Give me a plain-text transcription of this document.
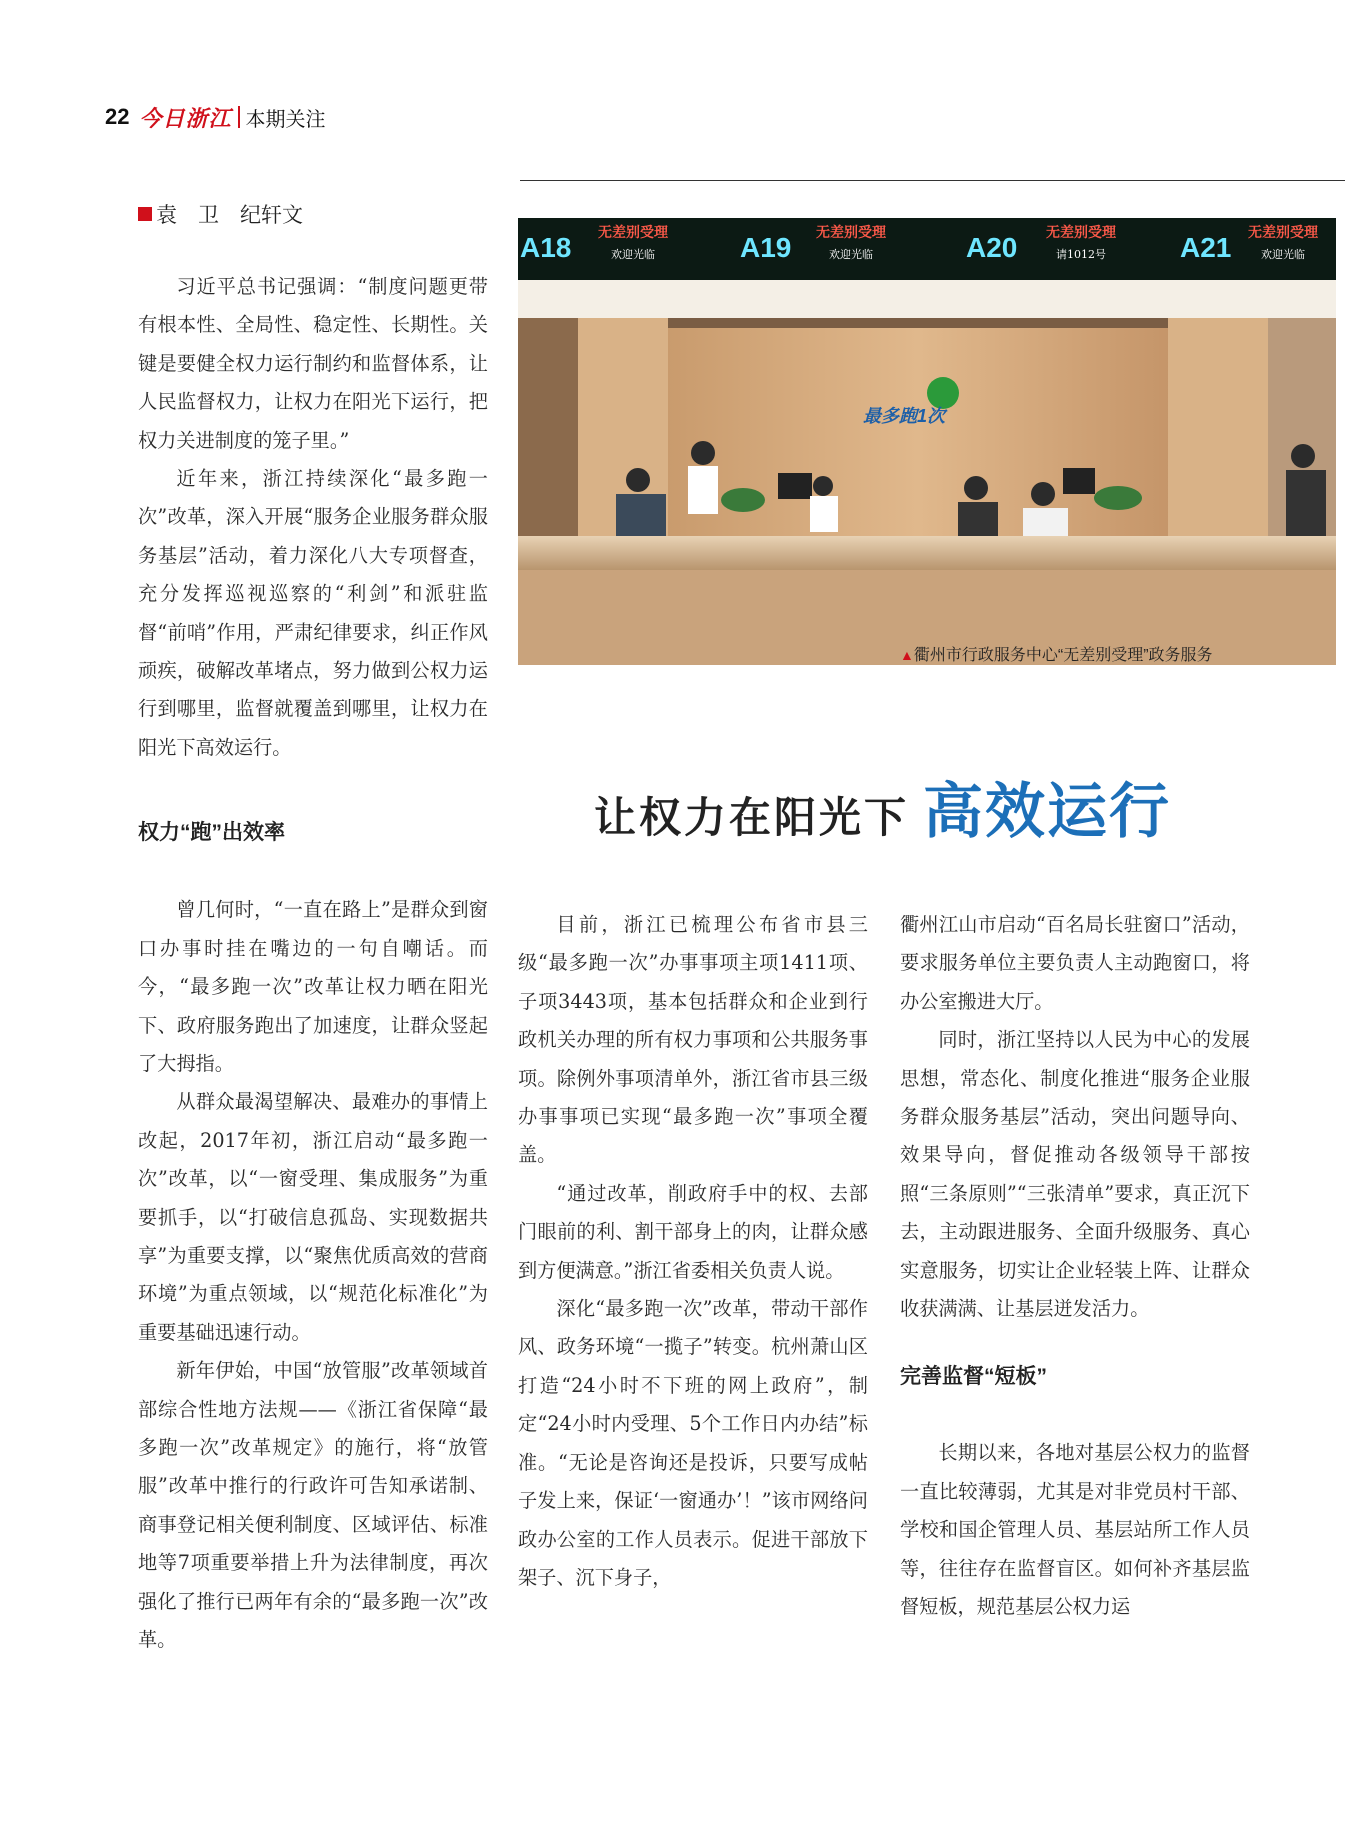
22 今日浙江 本期关注
袁　卫　纪轩文
A18 无差别受理
欢迎光临	A19 无差别受理
欢迎光临	A20 无差别受理
请1012号	A21 无差别受理
欢迎光临
最多跑1次
▲衢州市行政服务中心“无差别受理”政务服务
让权力在阳光下 高效运行

习近平总书记强调：“制度问题更带有根本性、全局性、稳定性、长期性。关键是要健全权力运行制约和监督体系，让人民监督权力，让权力在阳光下运行，把权力关进制度的笼子里。”

近年来，浙江持续深化“最多跑一次”改革，深入开展“服务企业服务群众服务基层”活动，着力深化八大专项督查，充分发挥巡视巡察的“利剑”和派驻监督“前哨”作用，严肃纪律要求，纠正作风顽疾，破解改革堵点，努力做到公权力运行到哪里，监督就覆盖到哪里，让权力在阳光下高效运行。

权力“跑”出效率

曾几何时，“一直在路上”是群众到窗口办事时挂在嘴边的一句自嘲话。而今，“最多跑一次”改革让权力晒在阳光下、政府服务跑出了加速度，让群众竖起了大拇指。

从群众最渴望解决、最难办的事情上改起，2017年初，浙江启动“最多跑一次”改革，以“一窗受理、集成服务”为重要抓手，以“打破信息孤岛、实现数据共享”为重要支撑，以“聚焦优质高效的营商环境”为重点领域，以“规范化标准化”为重要基础迅速行动。

新年伊始，中国“放管服”改革领域首部综合性地方法规——《浙江省保障“最多跑一次”改革规定》的施行，将“放管服”改革中推行的行政许可告知承诺制、商事登记相关便利制度、区域评估、标准地等7项重要举措上升为法律制度，再次强化了推行已两年有余的“最多跑一次”改革。

目前，浙江已梳理公布省市县三级“最多跑一次”办事事项主项1411项、子项3443项，基本包括群众和企业到行政机关办理的所有权力事项和公共服务事项。除例外事项清单外，浙江省市县三级办事事项已实现“最多跑一次”事项全覆盖。

“通过改革，削政府手中的权、去部门眼前的利、割干部身上的肉，让群众感到方便满意。”浙江省委相关负责人说。

深化“最多跑一次”改革，带动干部作风、政务环境“一揽子”转变。杭州萧山区打造“24小时不下班的网上政府”，制定“24小时内受理、5个工作日内办结”标准。“无论是咨询还是投诉，只要写成帖子发上来，保证‘一窗通办’！”该市网络问政办公室的工作人员表示。促进干部放下架子、沉下身子，

衢州江山市启动“百名局长驻窗口”活动，要求服务单位主要负责人主动跑窗口，将办公室搬进大厅。

同时，浙江坚持以人民为中心的发展思想，常态化、制度化推进“服务企业服务群众服务基层”活动，突出问题导向、效果导向，督促推动各级领导干部按照“三条原则”“三张清单”要求，真正沉下去，主动跟进服务、全面升级服务、真心实意服务，切实让企业轻装上阵、让群众收获满满、让基层迸发活力。

完善监督“短板”

长期以来，各地对基层公权力的监督一直比较薄弱，尤其是对非党员村干部、学校和国企管理人员、基层站所工作人员等，往往存在监督盲区。如何补齐基层监督短板，规范基层公权力运
